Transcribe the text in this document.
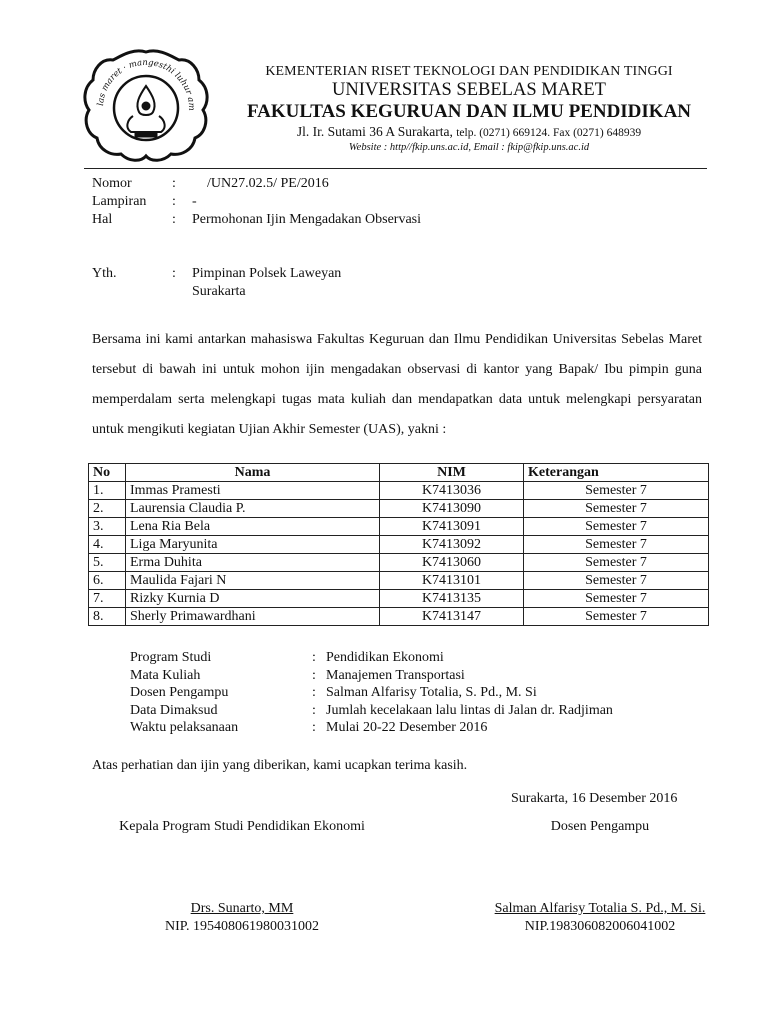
las maret · mangesthi luhur am
KEMENTERIAN RISET TEKNOLOGI DAN PENDIDIKAN TINGGI
UNIVERSITAS SEBELAS MARET
FAKULTAS KEGURUAN DAN ILMU PENDIDIKAN
Jl. Ir. Sutami 36 A Surakarta, telp. (0271) 669124. Fax (0271) 648939
Website : http//fkip.uns.ac.id, Email : fkip@fkip.uns.ac.id
Nomor	: /UN27.02.5/ PE/2016
Lampiran : -
Hal	: Permohonan Ijin Mengadakan Observasi
Yth.	: Pimpinan Polsek Laweyan
Surakarta
Bersama ini kami antarkan mahasiswa Fakultas Keguruan dan Ilmu Pendidikan Universitas Sebelas Maret tersebut di bawah ini untuk mohon ijin mengadakan observasi di kantor yang Bapak/ Ibu pimpin guna memperdalam serta melengkapi tugas mata kuliah dan mendapatkan data untuk melengkapi persyaratan untuk mengikuti kegiatan Ujian Akhir Semester (UAS), yakni :
No	Nama	NIM	Keterangan
1.	Immas Pramesti	K7413036	Semester 7
2.	Laurensia Claudia P.	K7413090	Semester 7
3.	Lena Ria Bela	K7413091	Semester 7
4.	Liga Maryunita	K7413092	Semester 7
5.	Erma Duhita	K7413060	Semester 7
6.	Maulida Fajari N	K7413101	Semester 7
7.	Rizky Kurnia D	K7413135	Semester 7
8.	Sherly Primawardhani	K7413147	Semester 7
Program Studi	: Pendidikan Ekonomi
Mata Kuliah	: Manajemen Transportasi
Dosen Pengampu	: Salman Alfarisy Totalia, S. Pd., M. Si
Data Dimaksud	: Jumlah kecelakaan lalu lintas di Jalan dr. Radjiman
Waktu pelaksanaan	: Mulai 20-22 Desember 2016
Atas perhatian dan ijin yang diberikan, kami ucapkan terima kasih.
Surakarta, 16 Desember 2016
Kepala Program Studi Pendidikan Ekonomi	Dosen Pengampu
Drs. Sunarto, MM
NIP. 195408061980031002
Salman Alfarisy Totalia S. Pd., M. Si.
NIP.198306082006041002
